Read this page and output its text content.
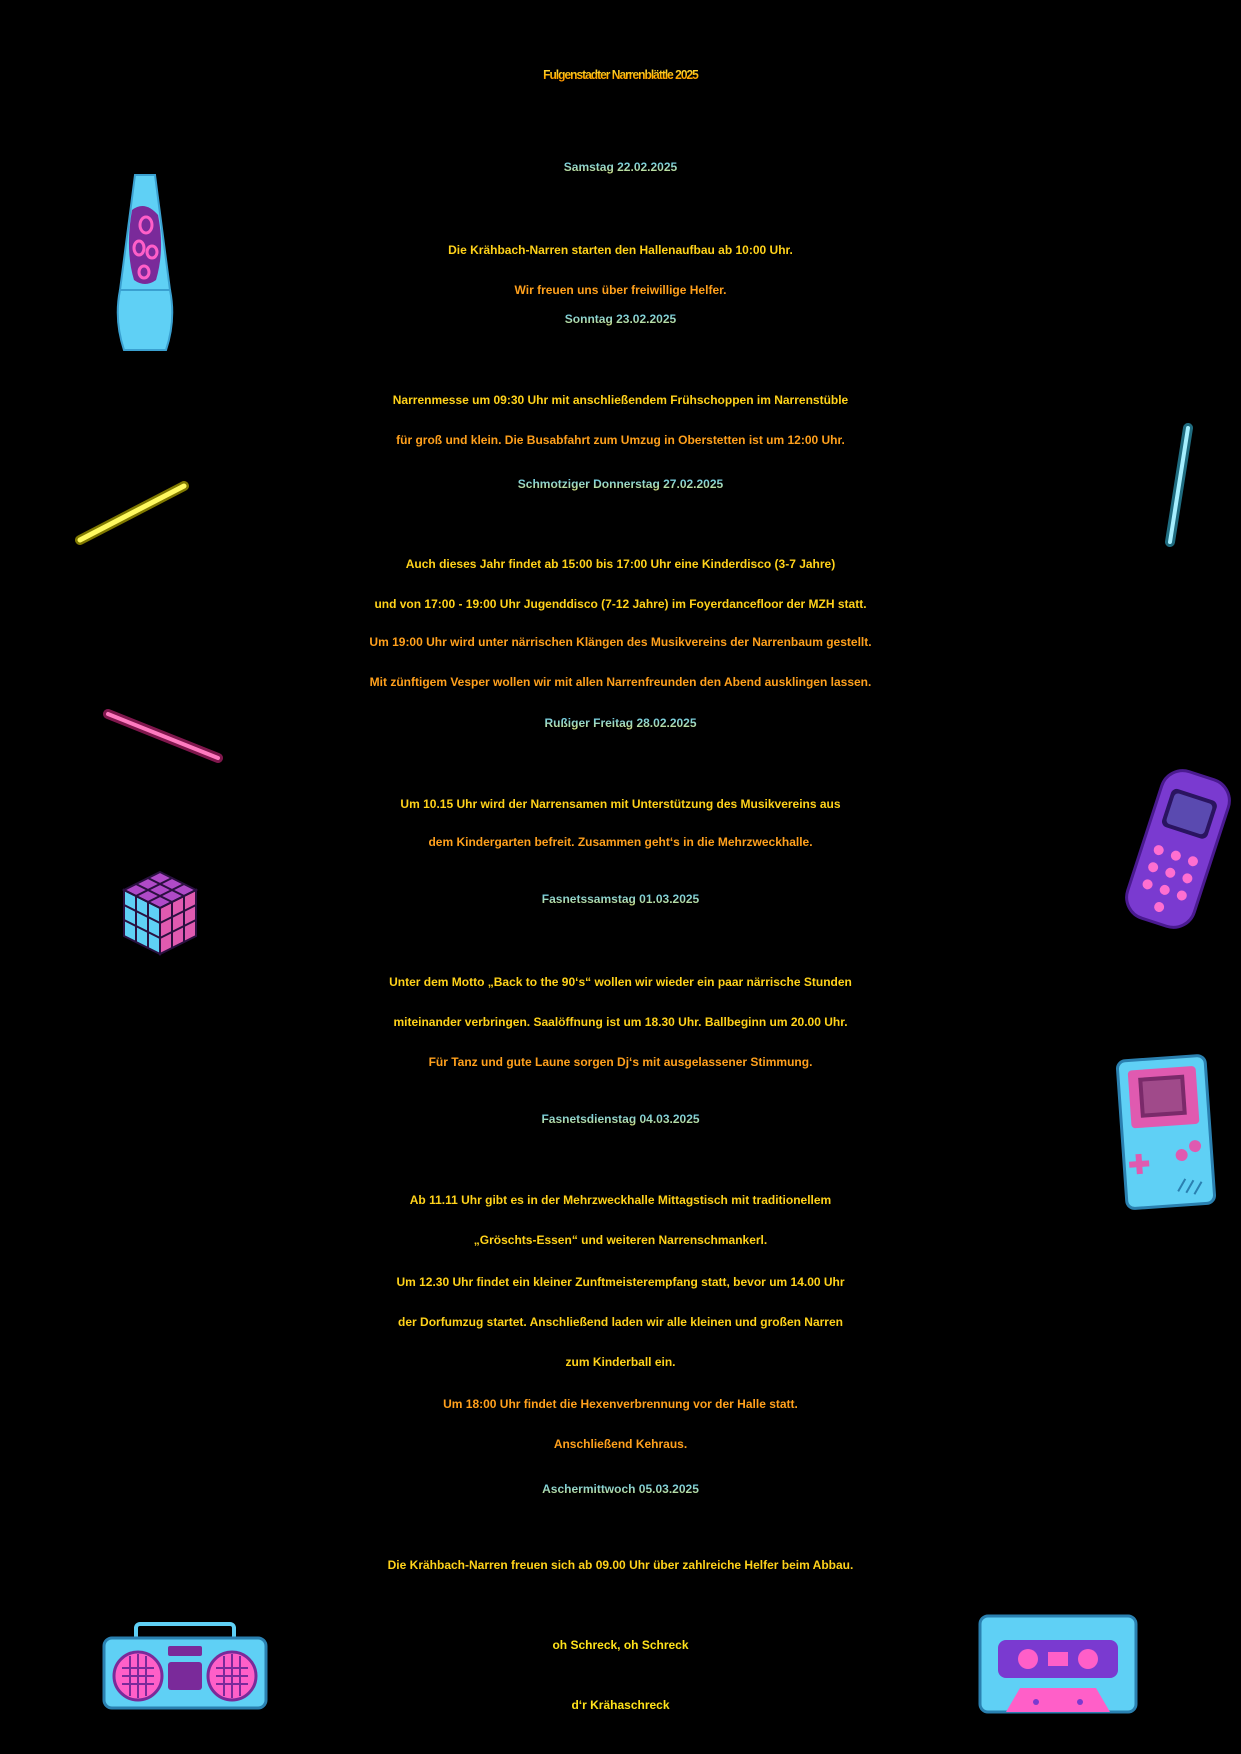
Fulgenstadter Narrenblättle 2025
Samstag 22.02.2025
Die Krähbach-Narren starten den Hallenaufbau ab 10:00 Uhr.
Wir freuen uns über freiwillige Helfer.
Sonntag 23.02.2025
Narrenmesse um 09:30 Uhr mit anschließendem Frühschoppen im Narrenstüble
für groß und klein. Die Busabfahrt zum Umzug in Oberstetten ist um 12:00 Uhr.
Schmotziger Donnerstag 27.02.2025
Auch dieses Jahr findet ab 15:00 bis 17:00 Uhr eine Kinderdisco (3-7 Jahre)
und von 17:00 - 19:00 Uhr Jugenddisco (7-12 Jahre) im Foyerdancefloor der MZH statt.
Um 19:00 Uhr wird unter närrischen Klängen des Musikvereins der Narrenbaum gestellt.
Mit zünftigem Vesper wollen wir mit allen Narrenfreunden den Abend ausklingen lassen.
Rußiger Freitag 28.02.2025
Um 10.15 Uhr wird der Narrensamen mit Unterstützung des Musikvereins aus
dem Kindergarten befreit. Zusammen geht‘s in die Mehrzweckhalle.
Fasnetssamstag 01.03.2025
Unter dem Motto „Back to the 90‘s“ wollen wir wieder ein paar närrische Stunden
miteinander verbringen. Saalöffnung ist um 18.30 Uhr. Ballbeginn um 20.00 Uhr.
Für Tanz und gute Laune sorgen Dj‘s mit ausgelassener Stimmung.
Fasnetsdienstag 04.03.2025
Ab 11.11 Uhr gibt es in der Mehrzweckhalle Mittagstisch mit traditionellem
„Gröschts-Essen“ und weiteren Narrenschmankerl.
Um 12.30 Uhr findet ein kleiner Zunftmeisterempfang statt, bevor um 14.00 Uhr
der Dorfumzug startet. Anschließend laden wir alle kleinen und großen Narren
zum Kinderball ein.
Um 18:00 Uhr findet die Hexenverbrennung vor der Halle statt.
Anschließend Kehraus.
Aschermittwoch 05.03.2025
Die Krähbach-Narren freuen sich ab 09.00 Uhr über zahlreiche Helfer beim Abbau.
oh Schreck, oh Schreck
d‘r Krähaschreck
